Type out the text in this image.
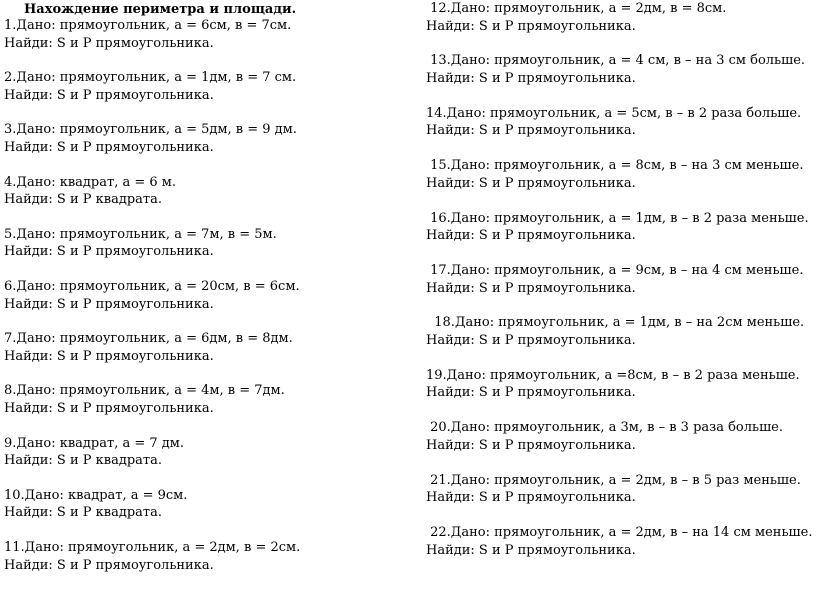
Нахождение периметра и площади.
1.Дано: прямоугольник, а = 6см, в = 7см.
Найди: S и Р прямоугольника.
2.Дано: прямоугольник, а = 1дм, в = 7 см.
Найди: S и Р прямоугольника.
3.Дано: прямоугольник, а = 5дм, в = 9 дм.
Найди: S и Р прямоугольника.
4.Дано: квадрат, а = 6 м.
Найди: S и Р квадрата.
5.Дано: прямоугольник, а = 7м, в = 5м.
Найди: S и Р прямоугольника.
6.Дано: прямоугольник, а = 20см, в = 6см.
Найди: S и Р прямоугольника.
7.Дано: прямоугольник, а = 6дм, в = 8дм.
Найди: S и Р прямоугольника.
8.Дано: прямоугольник, а = 4м, в = 7дм.
Найди: S и Р прямоугольника.
9.Дано: квадрат, а = 7 дм.
Найди: S и Р квадрата.
10.Дано: квадрат, а = 9см.
Найди: S и Р квадрата.
11.Дано: прямоугольник, а = 2дм, в = 2см.
Найди: S и Р прямоугольника.
12.Дано: прямоугольник, а = 2дм, в = 8см.
Найди: S и Р прямоугольника.
13.Дано: прямоугольник, а = 4 см, в – на 3 см больше.
Найди: S и Р прямоугольника.
14.Дано: прямоугольник, а = 5см, в – в 2 раза больше.
Найди: S и Р прямоугольника.
15.Дано: прямоугольник, а = 8см, в – на 3 см меньше.
Найди: S и Р прямоугольника.
16.Дано: прямоугольник, а = 1дм, в – в 2 раза меньше.
Найди: S и Р прямоугольника.
17.Дано: прямоугольник, а = 9см, в – на 4 см меньше.
Найди: S и Р прямоугольника.
18.Дано: прямоугольник, а = 1дм, в – на 2см меньше.
Найди: S и Р прямоугольника.
19.Дано: прямоугольник, а =8см, в – в 2 раза меньше.
Найди: S и Р прямоугольника.
20.Дано: прямоугольник, а 3м, в – в 3 раза больше.
Найди: S и Р прямоугольника.
21.Дано: прямоугольник, а = 2дм, в – в 5 раз меньше.
Найди: S и Р прямоугольника.
22.Дано: прямоугольник, а = 2дм, в – на 14 см меньше.
Найди: S и Р прямоугольника.
